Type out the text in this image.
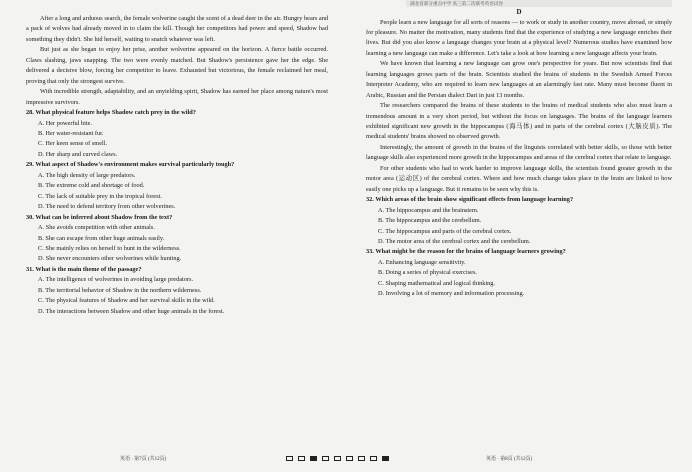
After a long and arduous search, the female wolverine caught the scent of a dead deer in the air. Hungry bears and a pack of wolves had already moved in to claim the kill. Though her competitors had power and speed, Shadow had something they didn't. She hid herself, waiting to snatch whatever was left.

But just as she began to enjoy her prise, another wolverine appeared on the horizon. A fierce battle occurred. Claws slashing, jaws snapping. The two were evenly matched. But Shadow's persistence gave her the edge. She delivered a decisive blow, forcing her competitor to leave. Exhausted but victorious, the female reclaimed her meal, proving that only the strongest survive.

With incredible strength, adaptability, and an unyielding spirit, Shadow has earned her place among nature's most impressive survivors.

28. What physical feature helps Shadow catch prey in the wild?

A. Her powerful bite.

B. Her water-resistant fur.

C. Her keen sense of smell.

D. Her sharp and curved claws.

29. What aspect of Shadow's environment makes survival particularly tough?

A. The high density of large predators.

B. The extreme cold and shortage of food.

C. The lack of suitable prey in the tropical forest.

D. The need to defend territory from other wolverines.

30. What can be inferred about Shadow from the text?

A. She avoids competition with other animals.

B. She can escape from other huge animals easily.

C. She mainly relies on herself to hunt in the wilderness.

D. She never encounters other wolverines while hunting.

31. What is the main theme of the passage?

A. The intelligence of wolverines in avoiding large predators.

B. The territorial behavior of Shadow in the northern wilderness.

C. The physical features of Shadow and her survival skills in the wild.

D. The interactions between Shadow and other huge animals in the forest.

湖北省部分重点中学 高三第二次联考英语试卷
D

People learn a new language for all sorts of reasons — to work or study in another country, move abroad, or simply for pleasure. No matter the motivation, many students find that the experience of studying a new language enriches their lives. But did you also know a language changes your brain at a physical level? Numerous studies have examined how learning a new language can make a difference. Let's take a look at how learning a new language affects your brain.

We have known that learning a new language can grow one's perspective for years. But now scientists find that learning languages grows parts of the brain. Scientists studied the brains of students in the Swedish Armed Forces Interpreter Academy, who are required to learn new languages at an alarmingly fast rate. Many must become fluent in Arabic, Russian and the Persian dialect Dari in just 13 months.

The researchers compared the brains of these students to the brains of medical students who also must learn a tremendous amount in a very short period, but without the focus on languages. The brains of the language learners exhibited significant new growth in the hippocampus (海马体) and in parts of the cerebral cortex (大脑皮质). The medical students' brains showed no observed growth.

Interestingly, the amount of growth in the brains of the linguists correlated with better skills, so those with better language skills also experienced more growth in the hippocampus and areas of the cerebral cortex that relate to language.

For other students who had to work harder to improve language skills, the scientists found greater growth in the motor area (运动区) of the cerebral cortex. Where and how much change takes place in the brain are linked to how easily one picks up a language. But it remains to be seen why this is.

32. Which areas of the brain show significant effects from language learning?

A. The hippocampus and the brainstem.

B. The hippocampus and the cerebellum.

C. The hippocampus and parts of the cerebral cortex.

D. The motor area of the cerebral cortex and the cerebellum.

33. What might be the reason for the brains of language learners growing?

A. Enhancing language sensitivity.

B. Doing a series of physical exercises.

C. Shaping mathematical and logical thinking.

D. Involving a lot of memory and information processing.

英语 · 第7页 (共12页)	英语 · 第8页 (共12页)
